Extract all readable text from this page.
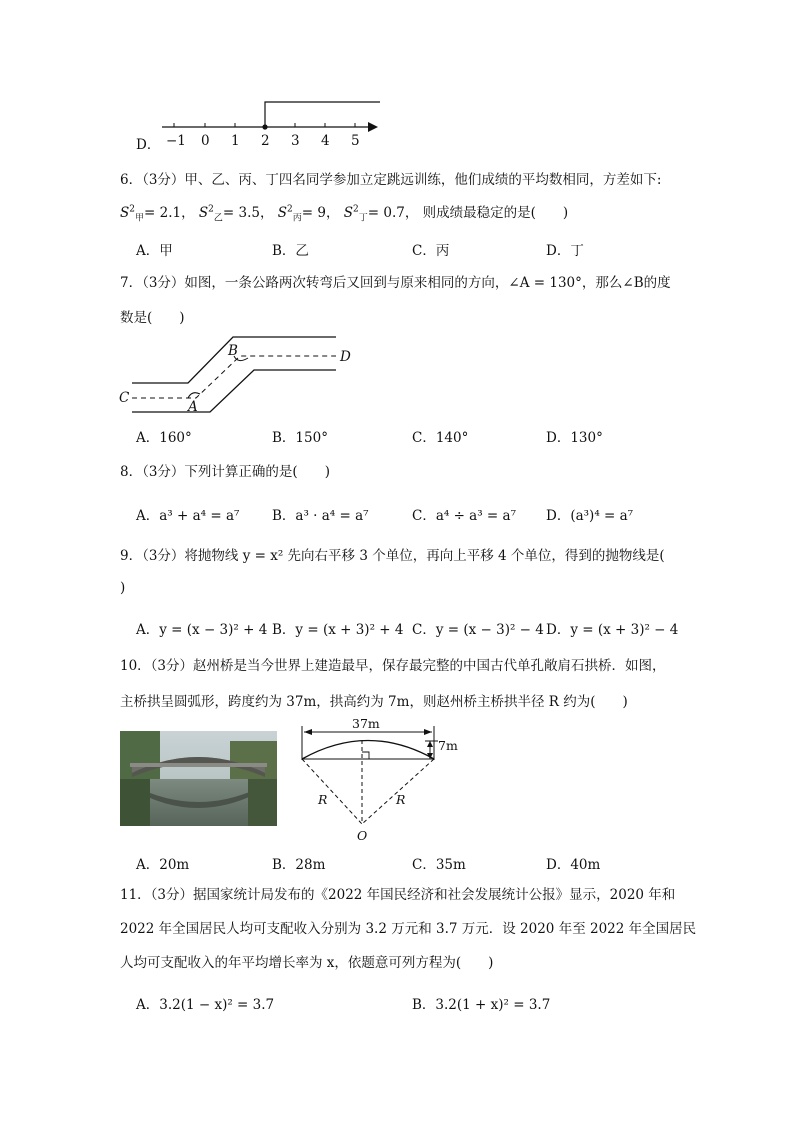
D． −1 0 1 2 3 4 5
6．（3分）甲、乙、丙、丁四名同学参加立定跳远训练，他们成绩的平均数相同，方差如下:
$S^2_甲= 2.1$， $S^2_乙= 3.5$， $S^2_丙= 9$， $S^2_丁= 0.7$， 则成绩最稳定的是(　　)
A．甲	B．乙	C．丙	D．丁
7．（3分）如图，一条公路两次转弯后又回到与原来相同的方向，∠A = 130°，那么∠B的度
数是(　　)
B	D
C
A
A．160°	B．150°	C．140°	D．130°
8．（3分）下列计算正确的是(　　)
A．a³ + a⁴ = a⁷ B．a³ · a⁴ = a⁷	C．a⁴ ÷ a³ = a⁷ D．(a³)⁴ = a⁷
9．（3分）将抛物线 y = x² 先向右平移 3 个单位，再向上平移 4 个单位，得到的抛物线是(
)
A．y = (x − 3)² + 4 B．y = (x + 3)² + 4 C．y = (x − 3)² − 4 D．y = (x + 3)² − 4
10．（3分）赵州桥是当今世界上建造最早，保存最完整的中国古代单孔敞肩石拱桥．如图，
主桥拱呈圆弧形，跨度约为 37m，拱高约为 7m，则赵州桥主桥拱半径 R 约为(　　)
37m
7m
R	R
O
A．20m	B．28m	C．35m	D．40m
11．（3分）据国家统计局发布的《2022 年国民经济和社会发展统计公报》显示，2020 年和
2022 年全国居民人均可支配收入分别为 3.2 万元和 3.7 万元．设 2020 年至 2022 年全国居民
人均可支配收入的年平均增长率为 x，依题意可列方程为(　　)
A．3.2(1 − x)² = 3.7	B．3.2(1 + x)² = 3.7
